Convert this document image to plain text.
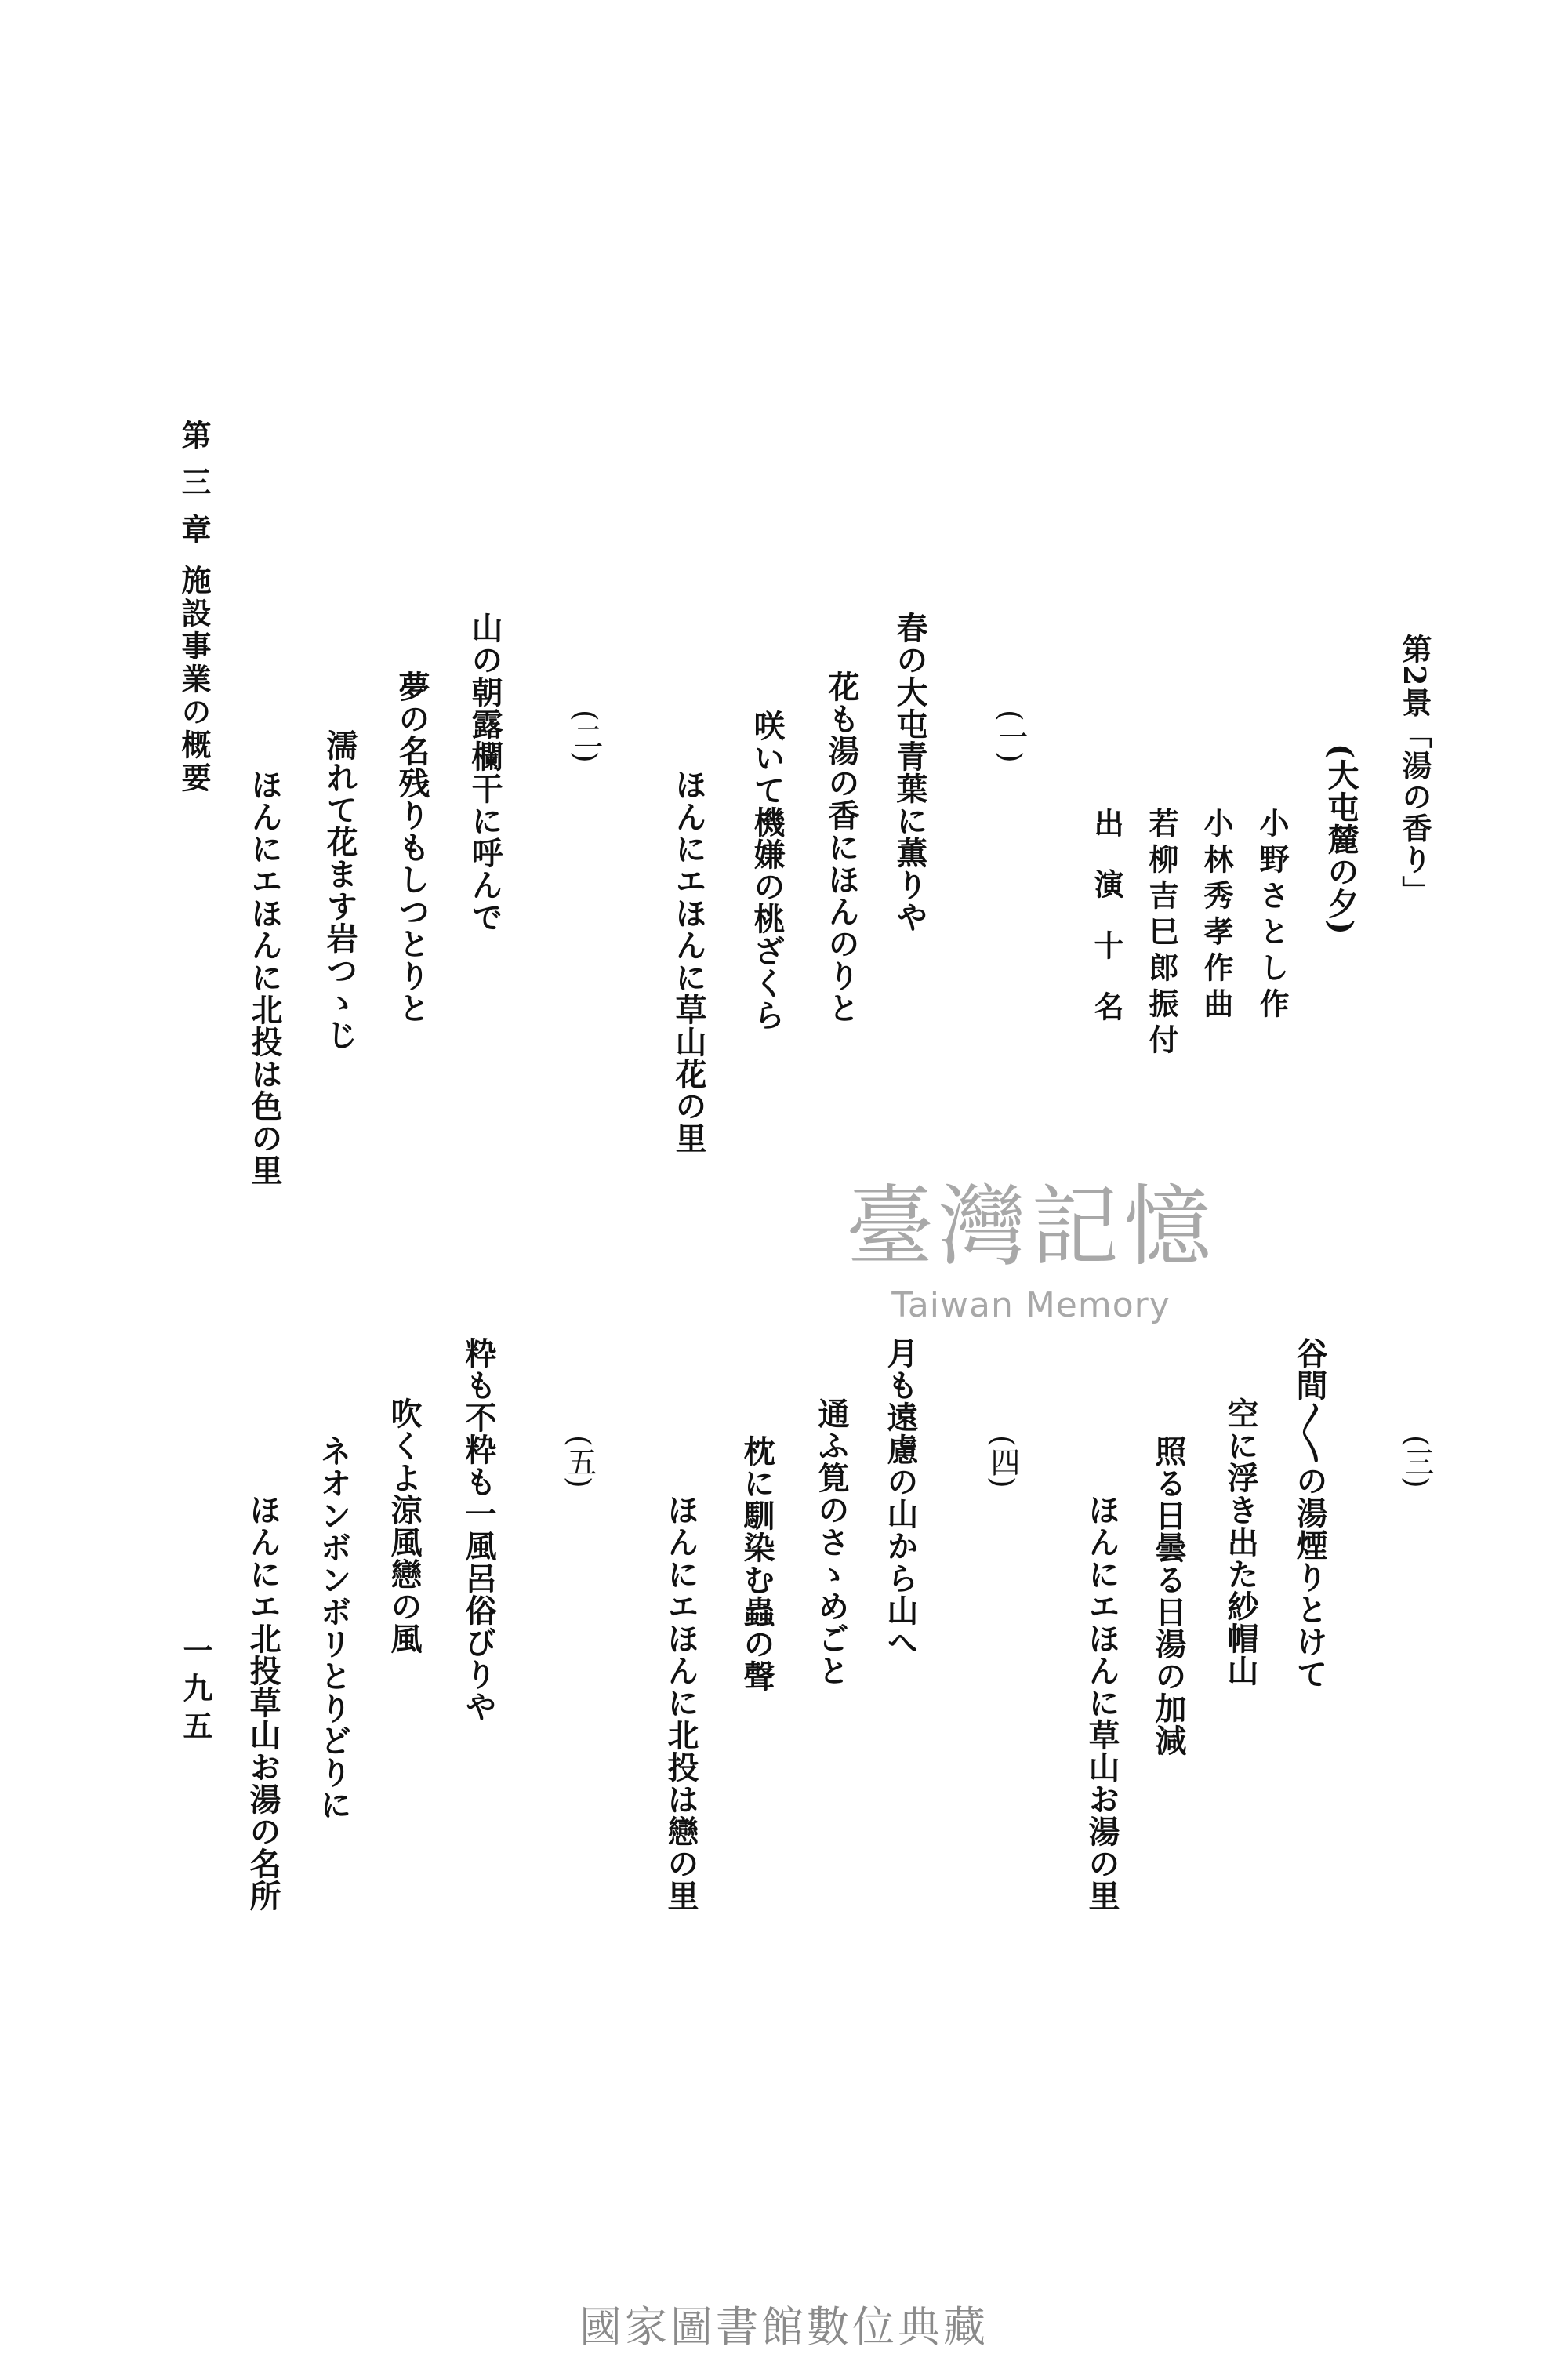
第2景「湯の香り」
(大屯麓の夕)
小野さとし作
小林秀孝作曲
若柳吉巳郎振付
出演十名
(一)
春の大屯青葉に薫りや
花も湯の香にほんのりと
咲いて機嫌の桃ざくら
ほんにエほんに草山花の里
(二)
山の朝露欄干に呼んで
夢の名残りもしつとりと
濡れて花ます岩つゝじ
ほんにエほんに北投は色の里
第三章
施設事業の概要
(三)
谷間〳〵の湯煙りとけて
空に浮き出た紗帽山
照る日曇る日湯の加減
ほんにエほんに草山お湯の里
(四)
月も遠慮の山から山へ
通ふ筧のさゝめごと
枕に馴染む蟲の聲
ほんにエほんに北投は戀の里
(五)
粋も不粋も一風呂俗びりや
吹くよ涼風戀の風
ネオンボンボリとりどりに
ほんにエ北投草山お湯の名所
一九五
臺灣記憶
Taiwan Memory
國家圖書館數位典藏
